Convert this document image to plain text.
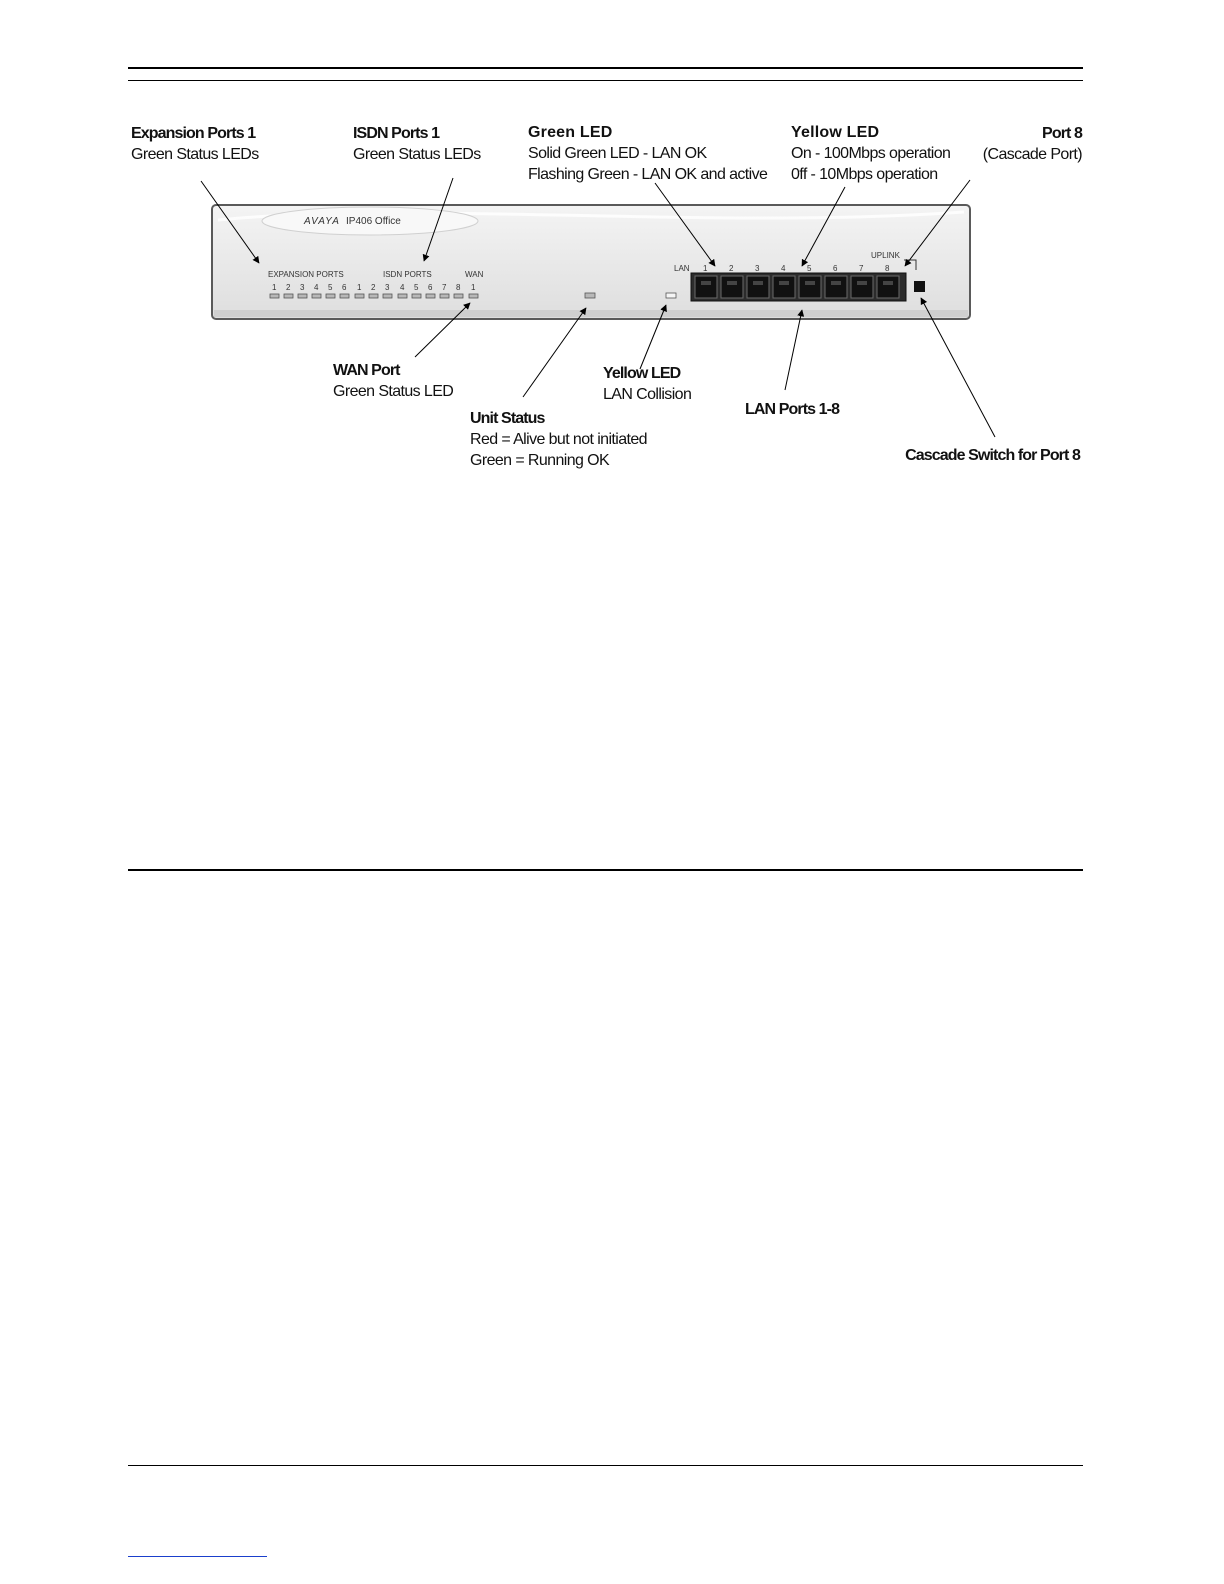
AVAYA IP406 Office
EXPANSION PORTS	ISDN PORTS	WAN
LAN
UPLINK
1 2 3 4 5 6 1 2 3 4 5 6 7 8 1
1	2	3	4	5	6	7	8
Expansion Ports 1
Green Status LEDs
ISDN Ports 1
Green Status LEDs
Green LED
Solid Green LED - LAN OK
Flashing Green - LAN OK and active
Yellow LED
On - 100Mbps operation
0ff - 10Mbps operation
Port 8
(Cascade Port)
WAN Port
Green Status LED
Unit Status
Red = Alive but not initiated
Green = Running OK
Yellow LED
LAN Collision
LAN Ports 1-8
Cascade Switch for Port 8
